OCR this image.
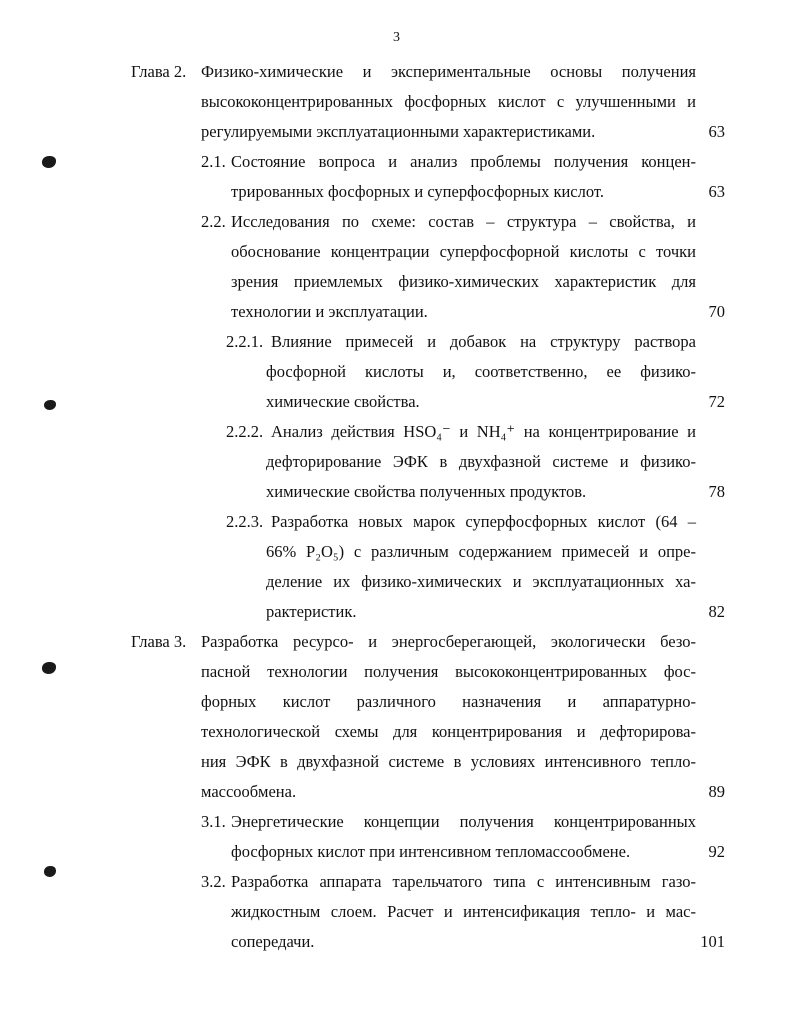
3
Глава 2. Физико-химические и экспериментальные основы получения
высококонцентрированных фосфорных кислот с улучшенными и
регулируемыми эксплуатационными характеристиками.	63
2.1. Состояние вопроса и анализ проблемы получения концен-
трированных фосфорных и суперфосфорных кислот.	63
2.2. Исследования по схеме: состав – структура – свойства, и
обоснование концентрации суперфосфорной кислоты с точки
зрения приемлемых физико-химических характеристик для
технологии и эксплуатации.	70
2.2.1. Влияние примесей и добавок на структуру раствора
фосфорной кислоты и, соответственно, ее физико-
химические свойства.	72
2.2.2. Анализ действия HSO₄⁻ и NH₄⁺ на концентрирование и
дефторирование ЭФК в двухфазной системе и физико-
химические свойства полученных продуктов.	78
2.2.3. Разработка новых марок суперфосфорных кислот (64 –
66% P₂O₅) с различным содержанием примесей и опре-
деление их физико-химических и эксплуатационных ха-
рактеристик.	82
Глава 3. Разработка ресурсо- и энергосберегающей, экологически безо-
пасной технологии получения высококонцентрированных фос-
форных кислот различного назначения и аппаратурно-
технологической схемы для концентрирования и дефторирова-
ния ЭФК в двухфазной системе в условиях интенсивного тепло-
массообмена.	89
3.1. Энергетические концепции получения концентрированных
фосфорных кислот при интенсивном тепломассообмене.	92
3.2. Разработка аппарата тарельчатого типа с интенсивным газо-
жидкостным слоем. Расчет и интенсификация тепло- и мас-
сопередачи.	101
